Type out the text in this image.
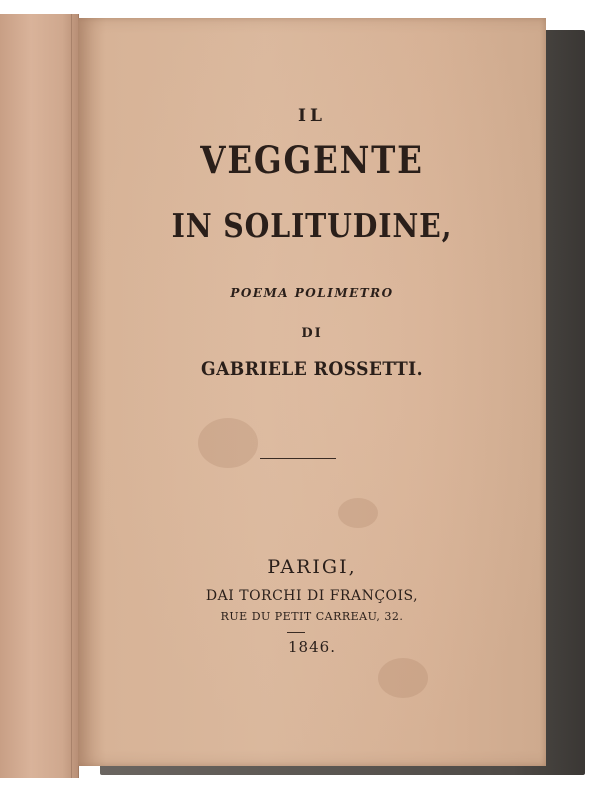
IL
VEGGENTE
IN SOLITUDINE,
POEMA POLIMETRO
DI
GABRIELE ROSSETTI.
PARIGI,
DAI TORCHI DI FRANÇOIS,
RUE DU PETIT CARREAU, 32.
1846.
